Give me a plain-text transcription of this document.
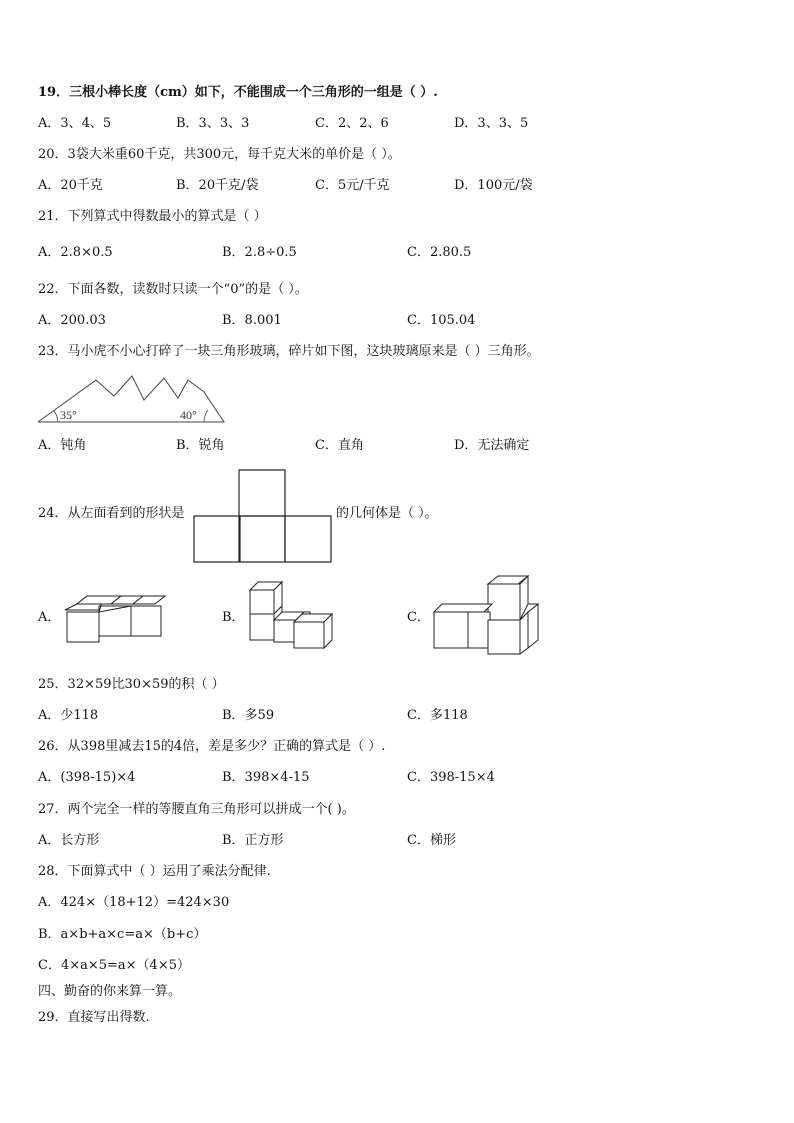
19．三根小棒长度（cm）如下，不能围成一个三角形的一组是（ ）.
A．3、4、5	B．3、3、3	C．2、2、6	D．3、3、5
20．3袋大米重60千克，共300元，每千克大米的单价是（ ）。
A．20千克	B．20千克/袋	C．5元/千克	D．100元/袋
21．下列算式中得数最小的算式是（ ）
A．2.8×0.5	B．2.8÷0.5	C．2.80.5
22．下面各数，读数时只读一个“0”的是（ ）。
A．200.03	B．8.001	C．105.04
23．马小虎不小心打碎了一块三角形玻璃，碎片如下图，这块玻璃原来是（ ）三角形。
35°	40°
A．钝角	B．锐角	C．直角	D．无法确定
24．从左面看到的形状是	的几何体是（ ）。
A．	B．	C．
25．32×59比30×59的积（ ）
A．少118	B．多59	C．多118
26．从398里减去15的4倍，差是多少？正确的算式是（ ）.
A．(398-15)×4	B．398×4-15	C．398-15×4
27．两个完全一样的等腰直角三角形可以拼成一个( )。
A．长方形	B．正方形	C．梯形
28．下面算式中（ ）运用了乘法分配律.
A．424×（18+12）=424×30
B．a×b+a×c=a×（b+c）
C．4×a×5=a×（4×5）
四、勤奋的你来算一算。
29．直接写出得数.
